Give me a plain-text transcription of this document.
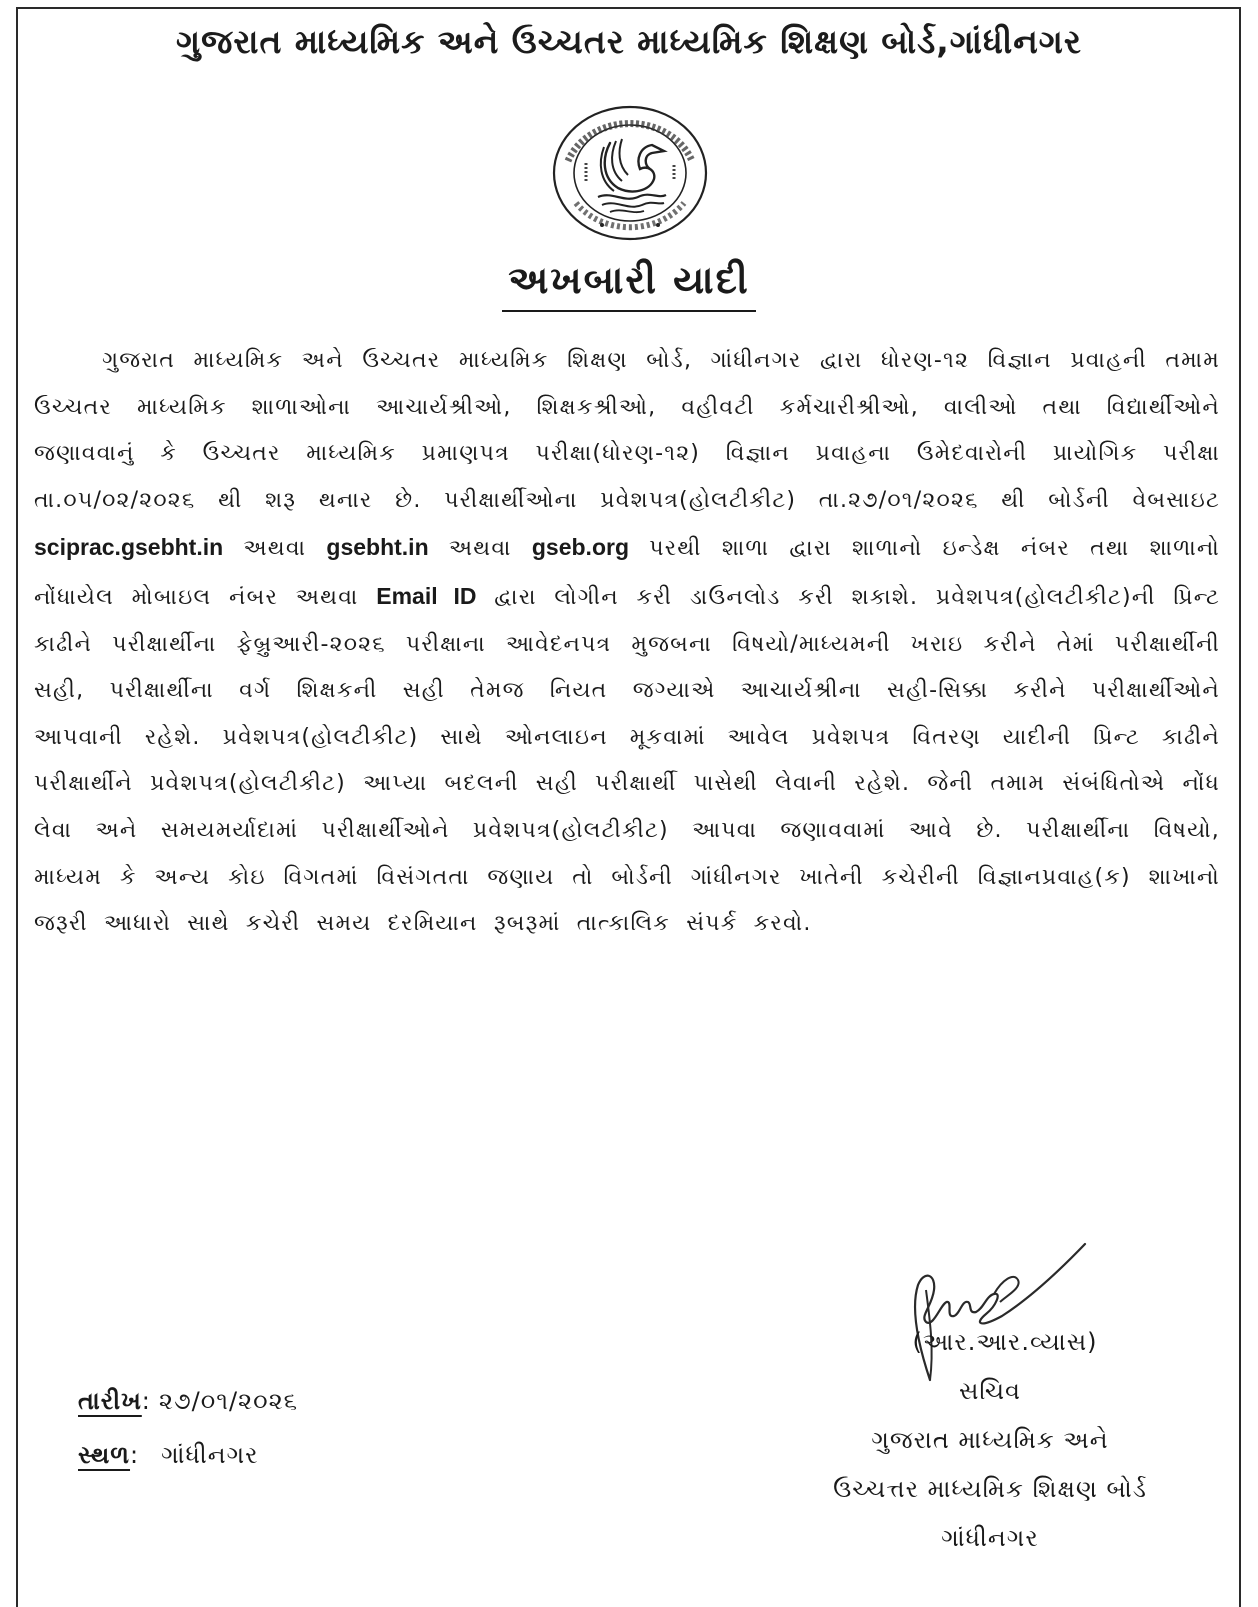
ગુજરાત માધ્યમિક અને ઉચ્ચતર માધ્યમિક શિક્ષણ બોર્ડ,ગાંધીનગર
અખબારી યાદી
ગુજરાત માધ્યમિક અને ઉચ્ચતર માધ્યમિક શિક્ષણ બોર્ડ, ગાંધીનગર દ્વારા ધોરણ-૧૨ વિજ્ઞાન પ્રવાહની તમામ ઉચ્ચતર માધ્યમિક શાળાઓના આચાર્યશ્રીઓ, શિક્ષકશ્રીઓ, વહીવટી કર્મચારીશ્રીઓ, વાલીઓ તથા વિદ્યાર્થીઓને જણાવવાનું કે ઉચ્ચતર માધ્યમિક પ્રમાણપત્ર પરીક્ષા(ધોરણ-૧૨) વિજ્ઞાન પ્રવાહના ઉમેદવારોની પ્રાયોગિક પરીક્ષા તા.૦૫/૦૨/૨૦૨૬ થી શરૂ થનાર છે. પરીક્ષાર્થીઓના પ્રવેશપત્ર(હોલટીકીટ) તા.૨૭/૦૧/૨૦૨૬ થી બોર્ડની વેબસાઇટ sciprac.gsebht.in અથવા gsebht.in અથવા gseb.org પરથી શાળા દ્વારા શાળાનો ઇન્ડેક્ષ નંબર તથા શાળાનો નોંધાયેલ મોબાઇલ નંબર અથવા Email ID દ્વારા લોગીન કરી ડાઉનલોડ કરી શકાશે. પ્રવેશપત્ર(હોલટીકીટ)ની પ્રિન્ટ કાઢીને પરીક્ષાર્થીના ફેબ્રુઆરી-૨૦૨૬ પરીક્ષાના આવેદનપત્ર મુજબના વિષયો/માધ્યમની ખરાઇ કરીને તેમાં પરીક્ષાર્થીની સહી, પરીક્ષાર્થીના વર્ગ શિક્ષકની સહી તેમજ નિયત જગ્યાએ આચાર્યશ્રીના સહી-સિક્કા કરીને પરીક્ષાર્થીઓને આપવાની રહેશે. પ્રવેશપત્ર(હોલટીકીટ) સાથે ઓનલાઇન મૂકવામાં આવેલ પ્રવેશપત્ર વિતરણ યાદીની પ્રિન્ટ કાઢીને પરીક્ષાર્થીને પ્રવેશપત્ર(હોલટીકીટ) આપ્યા બદલની સહી પરીક્ષાર્થી પાસેથી લેવાની રહેશે. જેની તમામ સંબંધિતોએ નોંધ લેવા અને સમયમર્યાદામાં પરીક્ષાર્થીઓને પ્રવેશપત્ર(હોલટીકીટ) આપવા જણાવવામાં આવે છે. પરીક્ષાર્થીના વિષયો, માધ્યમ કે અન્ય કોઇ વિગતમાં વિસંગતતા જણાય તો બોર્ડની ગાંધીનગર ખાતેની કચેરીની વિજ્ઞાનપ્રવાહ(ક) શાખાનો જરૂરી આધારો સાથે કચેરી સમય દરમિયાન રૂબરૂમાં તાત્કાલિક સંપર્ક કરવો.
(આર.આર.વ્યાસ)
સચિવ
ગુજરાત માધ્યમિક અને
ઉચ્ચત્તર માધ્યમિક શિક્ષણ બોર્ડ
ગાંધીનગર
તારીખ: ૨૭/૦૧/૨૦૨૬
સ્થળ: ગાંધીનગર
